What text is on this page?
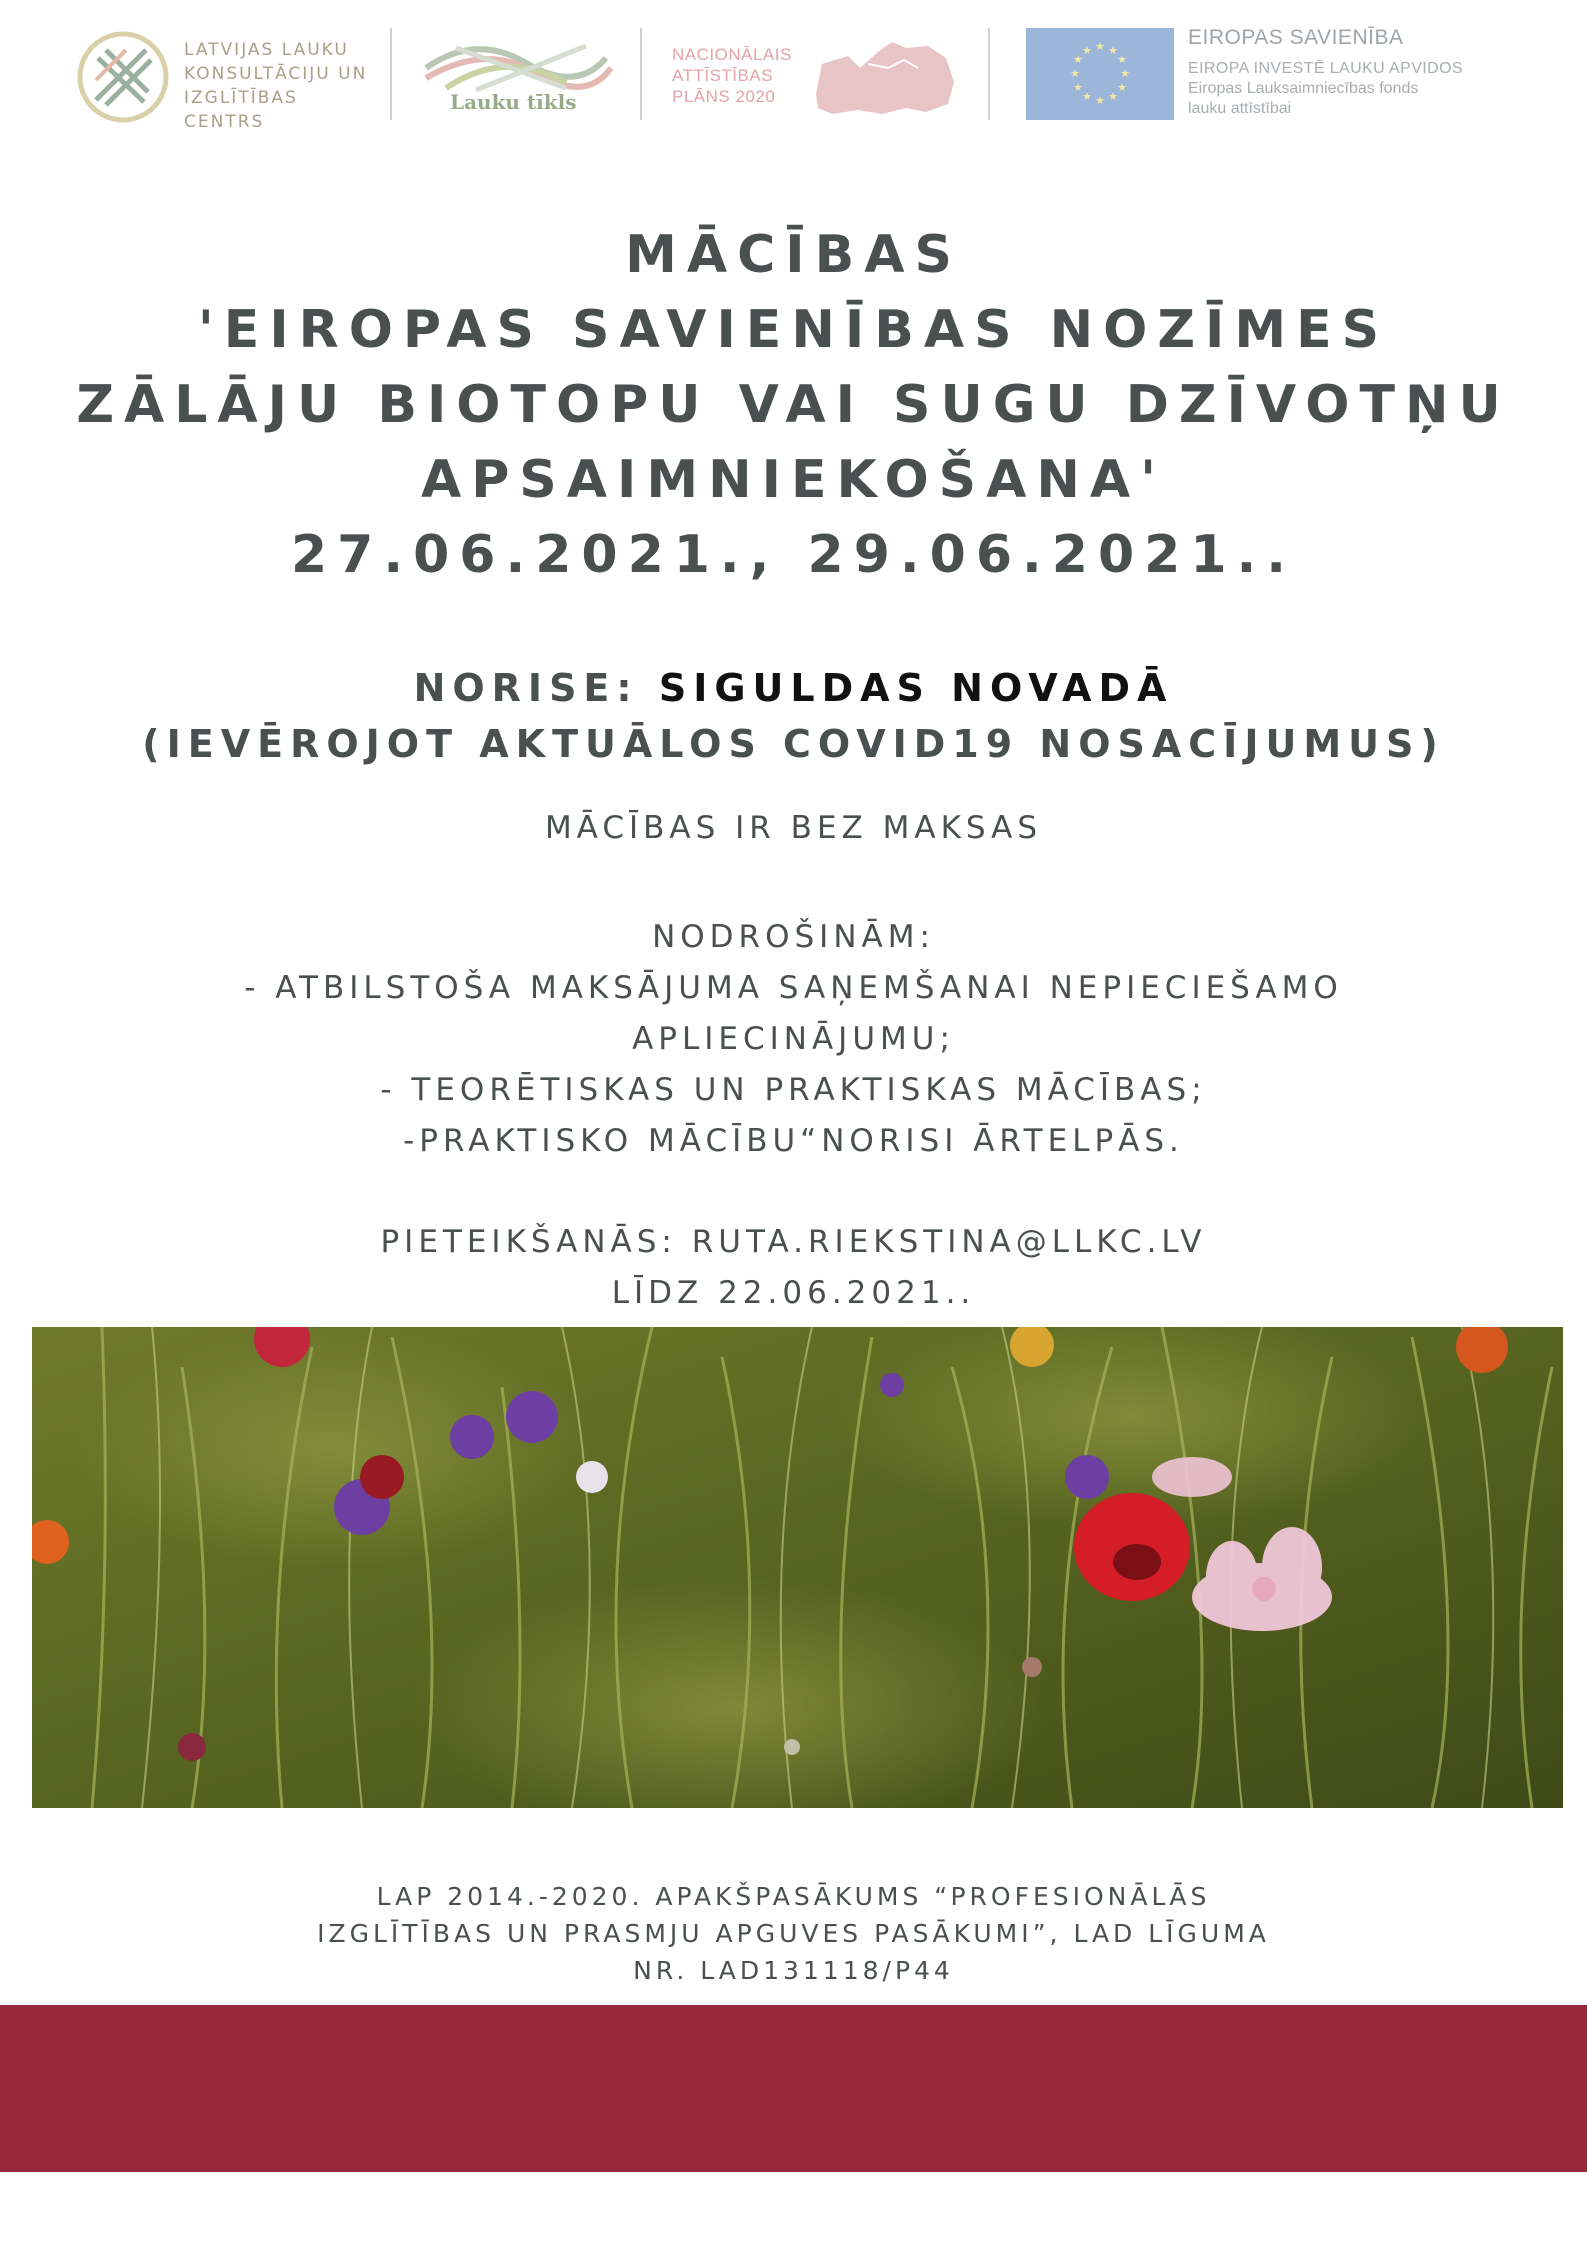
LATVIJAS LAUKU
KONSULTĀCIJU UN
IZGLĪTĪBAS CENTRS
Lauku tīkls
NACIONĀLAIS
ATTĪSTĪBAS
PLĀNS 2020
★ ★
★
★
★
★
★
★
★
★
★
★
EIROPAS SAVIENĪBA
EIROPA INVESTĒ LAUKU APVIDOS
Eiropas Lauksaimniecības fonds
lauku attīstībai
MĀCĪBAS
'EIROPAS SAVIENĪBAS NOZĪMES
ZĀLĀJU BIOTOPU VAI SUGU DZĪVOTŅU
APSAIMNIEKOŠANA'
27.06.2021., 29.06.2021..
NORISE: SIGULDAS NOVADĀ
(IEVĒROJOT AKTUĀLOS COVID19 NOSACĪJUMUS)
MĀCĪBAS IR BEZ MAKSAS
NODROŠINĀM:
- ATBILSTOŠA MAKSĀJUMA SAŅEMŠANAI NEPIECIEŠAMO
APLIECINĀJUMU;
- TEORĒTISKAS UN PRAKTISKAS MĀCĪBAS;
-PRAKTISKO MĀCĪBU“NORISI ĀRTELPĀS.
PIETEIKŠANĀS: RUTA.RIEKSTINA@LLKC.LV
LĪDZ 22.06.2021..
LAP 2014.-2020. APAKŠPASĀKUMS “PROFESIONĀLĀS
IZGLĪTĪBAS UN PRASMJU APGUVES PASĀKUMI”, LAD LĪGUMA
NR. LAD131118/P44
